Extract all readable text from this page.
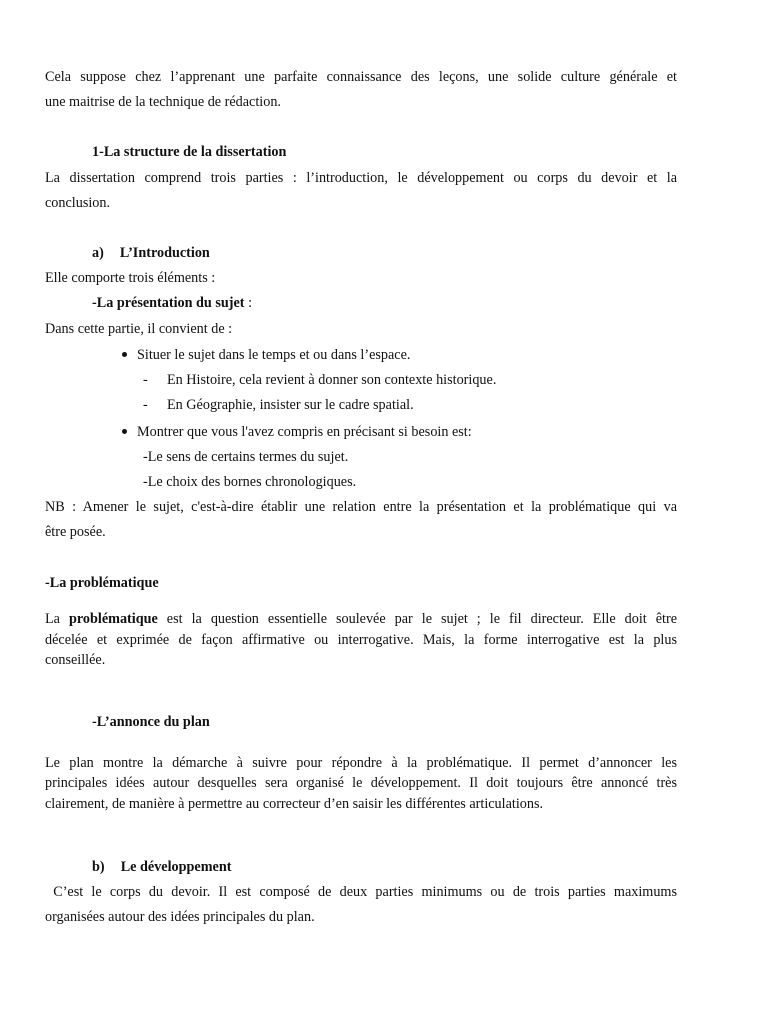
Cela suppose chez l’apprenant une parfaite connaissance des leçons, une solide culture générale et
une maitrise de la technique de rédaction.
1-La structure de la dissertation
La dissertation comprend trois parties : l’introduction, le développement ou corps du devoir et la
conclusion.
a) L’Introduction
Elle comporte trois éléments :
-La présentation du sujet :
Dans cette partie, il convient de :
Situer le sujet dans le temps et ou dans l’espace.
- En Histoire, cela revient à donner son contexte historique.
- En Géographie, insister sur le cadre spatial.
Montrer que vous l'avez compris en précisant si besoin est:
-Le sens de certains termes du sujet.
-Le choix des bornes chronologiques.
NB : Amener le sujet, c'est-à-dire établir une relation entre la présentation et la problématique qui va
être posée.
-La problématique
La problématique est la question essentielle soulevée par le sujet ; le fil directeur. Elle doit être
décelée et exprimée de façon affirmative ou interrogative. Mais, la forme interrogative est la plus
conseillée.
-L’annonce du plan
Le plan montre la démarche à suivre pour répondre à la problématique. Il permet d’annoncer les
principales idées autour desquelles sera organisé le développement. Il doit toujours être annoncé très
clairement, de manière à permettre au correcteur d’en saisir les différentes articulations.
b) Le développement
C’est le corps du devoir. Il est composé de deux parties minimums ou de trois parties maximums
organisées autour des idées principales du plan.
